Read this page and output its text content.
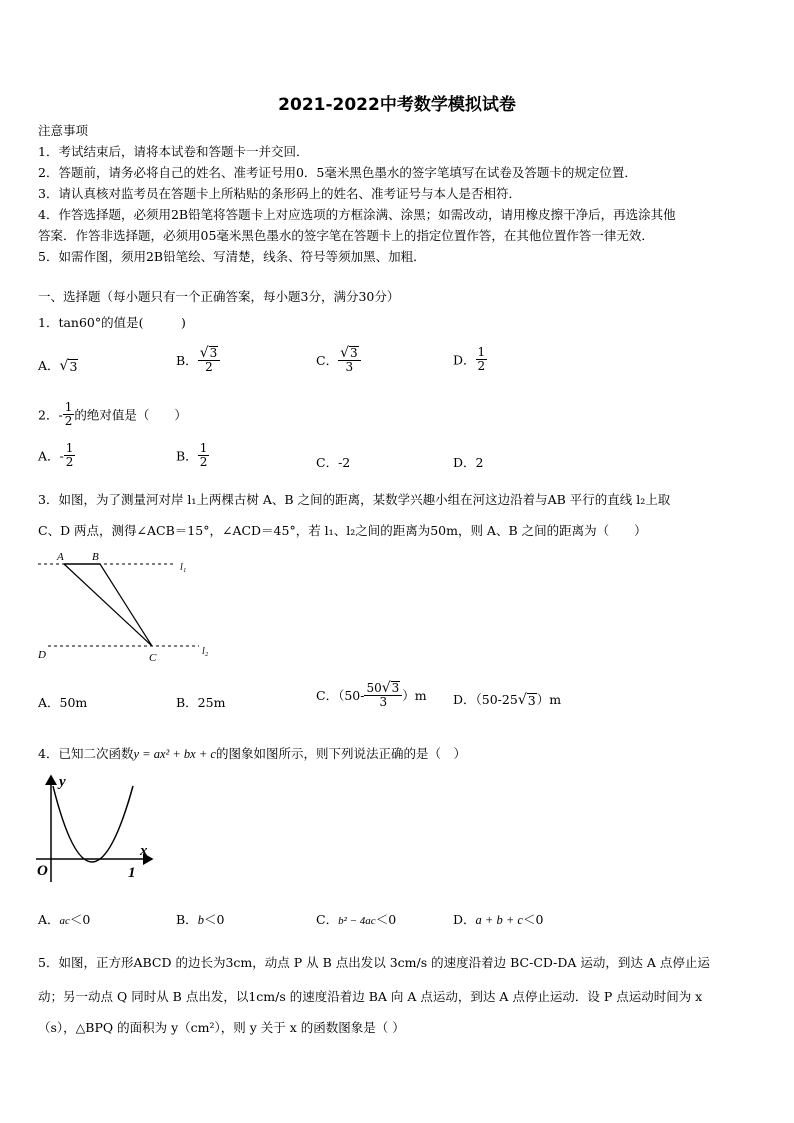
2021-2022中考数学模拟试卷
注意事项
1．考试结束后，请将本试卷和答题卡一并交回．
2．答题前，请务必将自己的姓名、准考证号用0．5毫米黑色墨水的签字笔填写在试卷及答题卡的规定位置．
3．请认真核对监考员在答题卡上所粘贴的条形码上的姓名、准考证号与本人是否相符．
4．作答选择题，必须用2B铅笔将答题卡上对应选项的方框涂满、涂黑；如需改动，请用橡皮擦干净后，再选涂其他
答案．作答非选择题，必须用05毫米黑色墨水的签字笔在答题卡上的指定位置作答，在其他位置作答一律无效．
5．如需作图，须用2B铅笔绘、写清楚，线条、符号等须加黑、加粗．
一、选择题（每小题只有一个正确答案，每小题3分，满分30分）
1．tan60°的值是(　　　)
A． √ 3	B． $\frac{√ 3}{2}$	C． $\frac{√ 3}{3}$	D． $\frac{1}{2}$
2．- $\frac{1}{2}$ 的绝对值是（　　）
A．- $\frac{1}{2}$	B． $\frac{1}{2}$	C．-2	D．2
3．如图，为了测量河对岸 l₁上两棵古树 A、B 之间的距离，某数学兴趣小组在河这边沿着与AB 平行的直线 l₂上取
C、D 两点，测得∠ACB＝15°，∠ACD＝45°，若 l₁、l₂之间的距离为50m，则 A、B 之间的距离为（　　）
A	B
C
D
l₁
l₂
A．50m	B．25m	C．$(50- \frac{50 √ 3}{3} )m$ D．（50-25 √ 3 ）m
4．已知二次函数y = ax² + bx + c的图象如图所示，则下列说法正确的是（　）
y
x
O	1
A．ac＜0	B．b＜0	C．b² − 4ac＜0	D．a + b + c＜0
5．如图，正方形ABCD 的边长为3cm，动点 P 从 B 点出发以 3cm/s 的速度沿着边 BC-CD-DA 运动，到达 A 点停止运
动；另一动点 Q 同时从 B 点出发，以1cm/s 的速度沿着边 BA 向 A 点运动，到达 A 点停止运动．设 P 点运动时间为 x
（s），△BPQ 的面积为 y（cm²），则 y 关于 x 的函数图象是（ ）
